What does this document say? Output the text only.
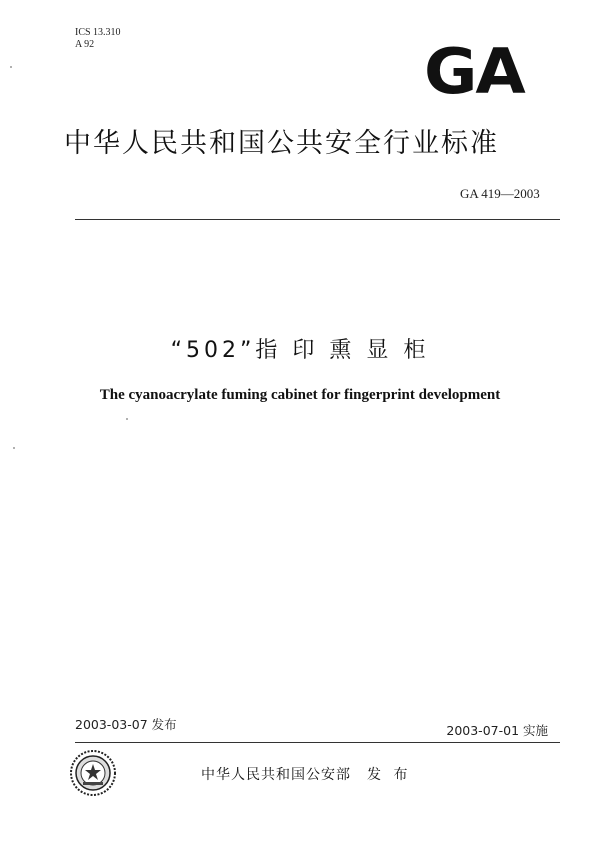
ICS 13.310
A 92	GA
中华人民共和国公共安全行业标准
GA 419—2003
“502”指 印 熏 显 柜
The cyanoacrylate fuming cabinet for fingerprint development
2003-03-07 发布	2003-07-01 实施
中华人民共和国公安部 发 布
